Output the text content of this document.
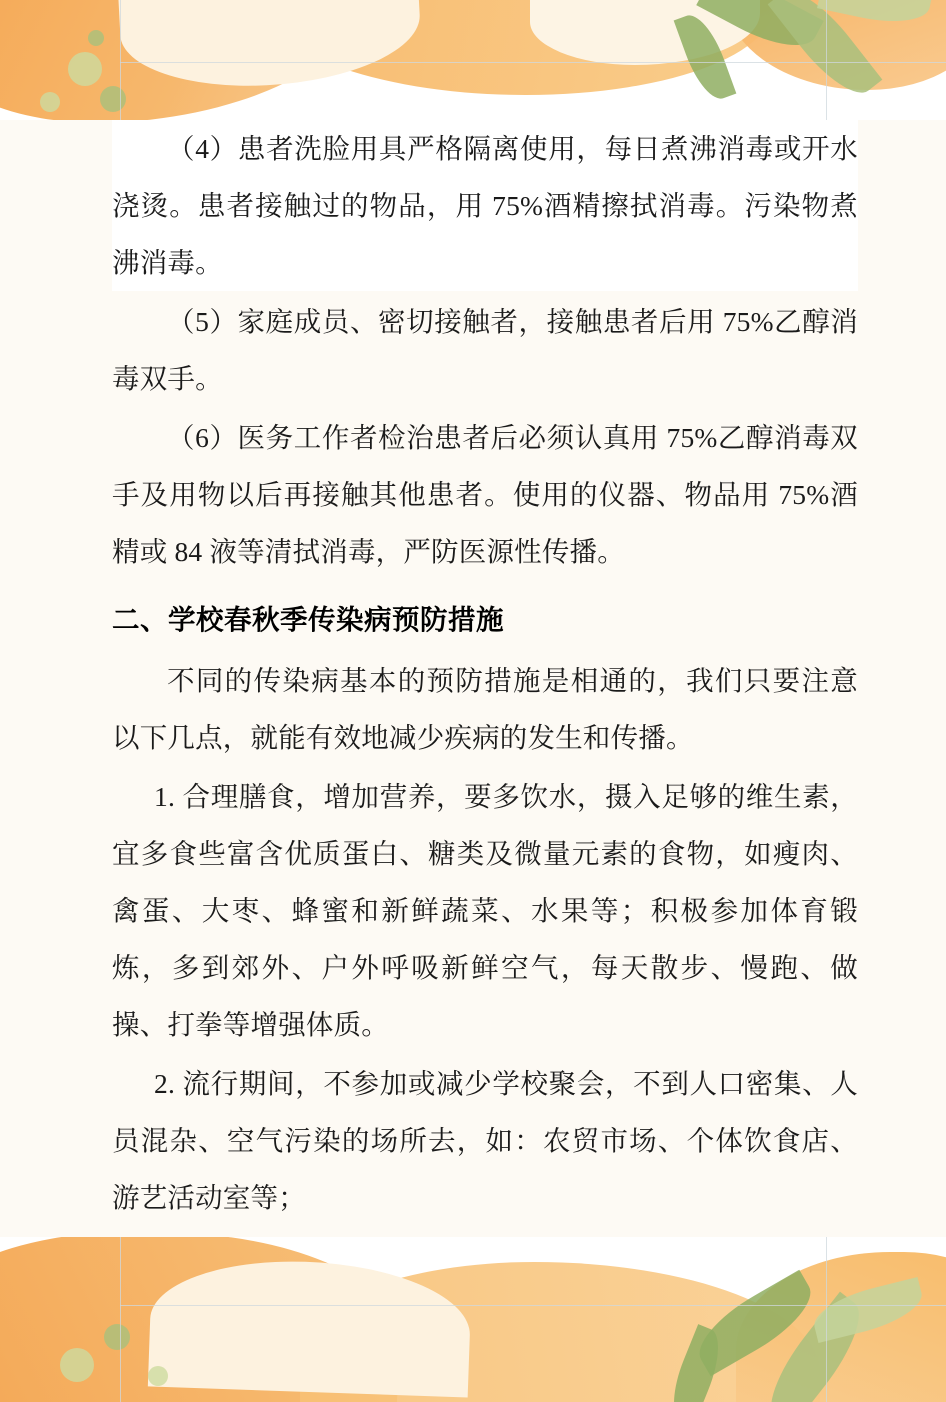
（4）患者洗脸用具严格隔离使用，每日煮沸消毒或开水浇烫。患者接触过的物品，用 75%酒精擦拭消毒。污染物煮沸消毒。

（5）家庭成员、密切接触者，接触患者后用 75%乙醇消毒双手。

（6）医务工作者检治患者后必须认真用 75%乙醇消毒双手及用物以后再接触其他患者。使用的仪器、物品用 75%酒精或 84 液等清拭消毒，严防医源性传播。

二、学校春秋季传染病预防措施

不同的传染病基本的预防措施是相通的，我们只要注意以下几点，就能有效地减少疾病的发生和传播。

1. 合理膳食，增加营养，要多饮水，摄入足够的维生素，宜多食些富含优质蛋白、糖类及微量元素的食物，如瘦肉、禽蛋、大枣、蜂蜜和新鲜蔬菜、水果等；积极参加体育锻炼，多到郊外、户外呼吸新鲜空气，每天散步、慢跑、做操、打拳等增强体质。

2. 流行期间，不参加或减少学校聚会，不到人口密集、人员混杂、空气污染的场所去，如：农贸市场、个体饮食店、游艺活动室等；
